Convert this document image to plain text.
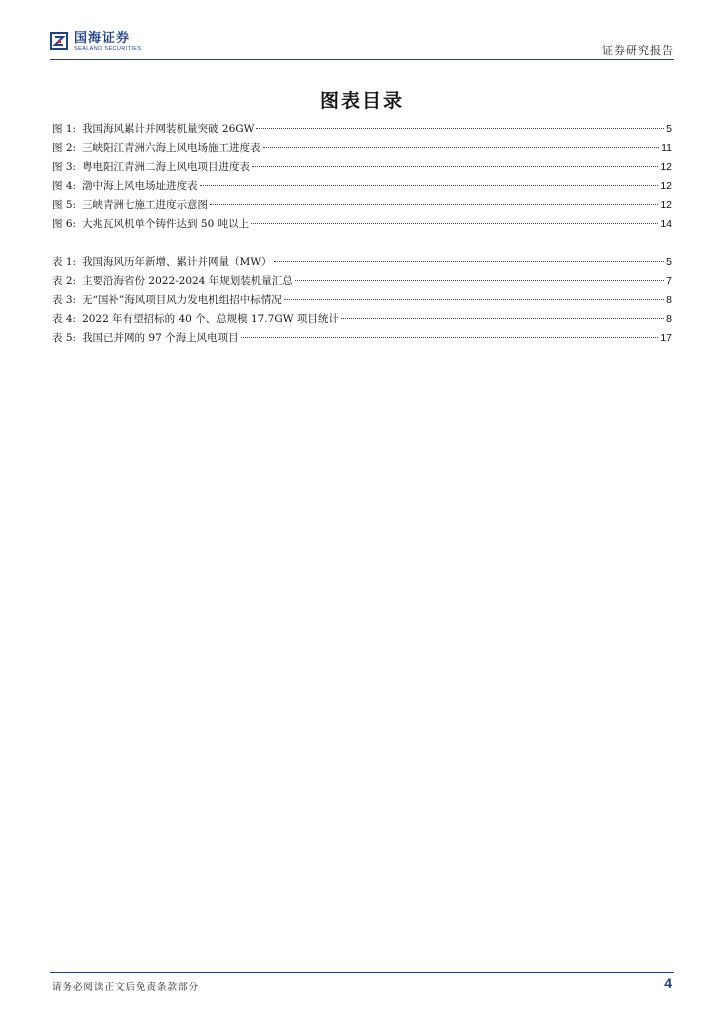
国海证券
SEALAND SECURITIES	证券研究报告
图表目录
图 1: 我国海风累计并网装机量突破 26GW	5
图 2: 三峡阳江青洲六海上风电场施工进度表	11
图 3: 粤电阳江青洲二海上风电项目进度表	12
图 4: 渤中海上风电场址进度表	12
图 5: 三峡青洲七施工进度示意图	12
图 6: 大兆瓦风机单个铸件达到 50 吨以上	14
表 1: 我国海风历年新增、累计并网量（MW）	5
表 2: 主要沿海省份 2022-2024 年规划装机量汇总	7
表 3: 无“国补”海风项目风力发电机组招中标情况	8
表 4: 2022 年有望招标的 40 个、总规模 17.7GW 项目统计	8
表 5: 我国已并网的 97 个海上风电项目	17
请务必阅读正文后免责条款部分	4
